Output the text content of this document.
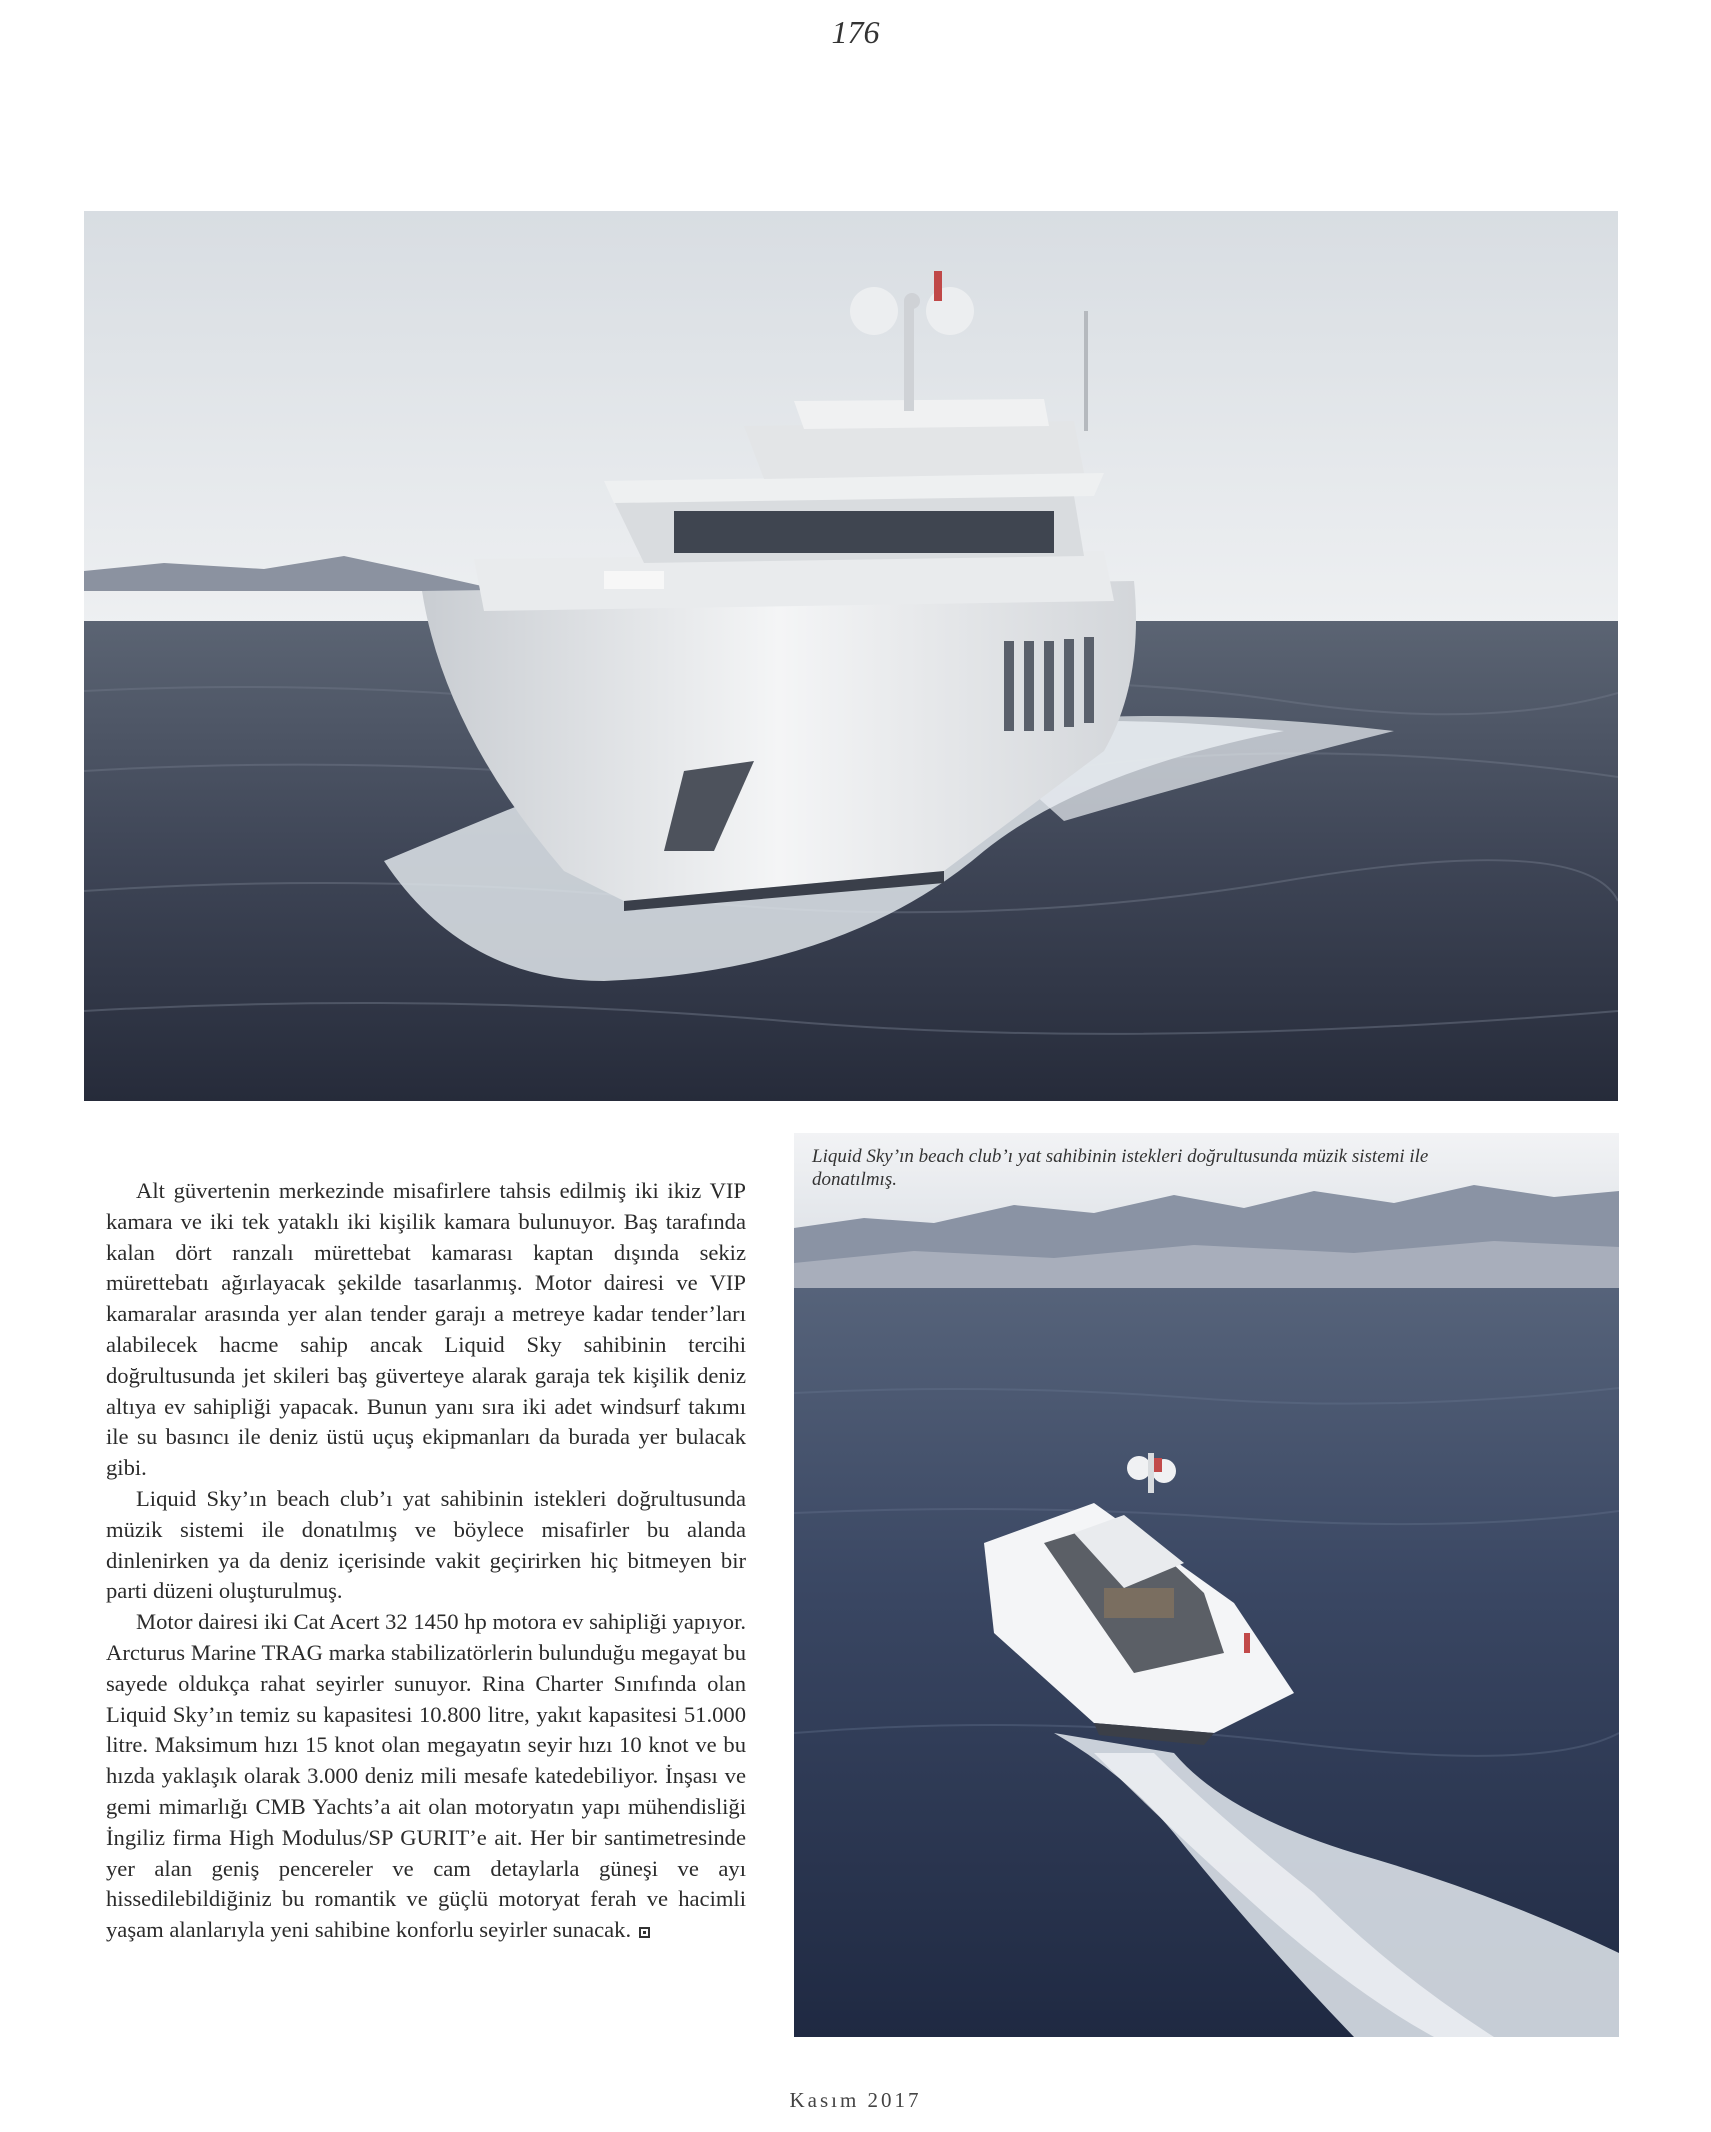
176

Alt güvertenin merkezinde misafirlere tahsis edilmiş iki ikiz VIP kamara ve iki tek yataklı iki kişilik kamara bulunuyor. Baş tarafında kalan dört ranzalı mürettebat kamarası kaptan dışında sekiz mürettebatı ağırlayacak şekilde tasarlanmış. Motor dairesi ve VIP kamaralar arasında yer alan tender garajı a metreye kadar tender’ları alabilecek hacme sahip ancak Liquid Sky sahibinin tercihi doğrultusunda jet skileri baş güverteye alarak garaja tek kişilik deniz altıya ev sahipliği yapacak. Bunun yanı sıra iki adet windsurf takımı ile su basıncı ile deniz üstü uçuş ekipmanları da burada yer bulacak gibi.

Liquid Sky’ın beach club’ı yat sahibinin istekleri doğrultusunda müzik sistemi ile donatılmış ve böylece misafirler bu alanda dinlenirken ya da deniz içerisinde vakit geçirirken hiç bitmeyen bir parti düzeni oluşturulmuş.

Motor dairesi iki Cat Acert 32 1450 hp motora ev sahipliği yapıyor. Arcturus Marine TRAG marka stabilizatörlerin bulunduğu megayat bu sayede oldukça rahat seyirler sunuyor. Rina Charter Sınıfında olan Liquid Sky’ın temiz su kapasitesi 10.800 litre, yakıt kapasitesi 51.000 litre. Maksimum hızı 15 knot olan megayatın seyir hızı 10 knot ve bu hızda yaklaşık olarak 3.000 deniz mili mesafe katedebiliyor. İnşası ve gemi mimarlığı CMB Yachts’a ait olan motoryatın yapı mühendisliği İngiliz firma High Modulus/SP GURIT’e ait. Her bir santimetresinde yer alan geniş pencereler ve cam detaylarla güneşi ve ayı hissedilebildiğiniz bu romantik ve güçlü motoryat ferah ve hacimli yaşam alanlarıyla yeni sahibine konforlu seyirler sunacak.

Liquid Sky’ın beach club’ı yat sahibinin istekleri doğrultusunda müzik sistemi ile donatılmış.
Kasım 2017
